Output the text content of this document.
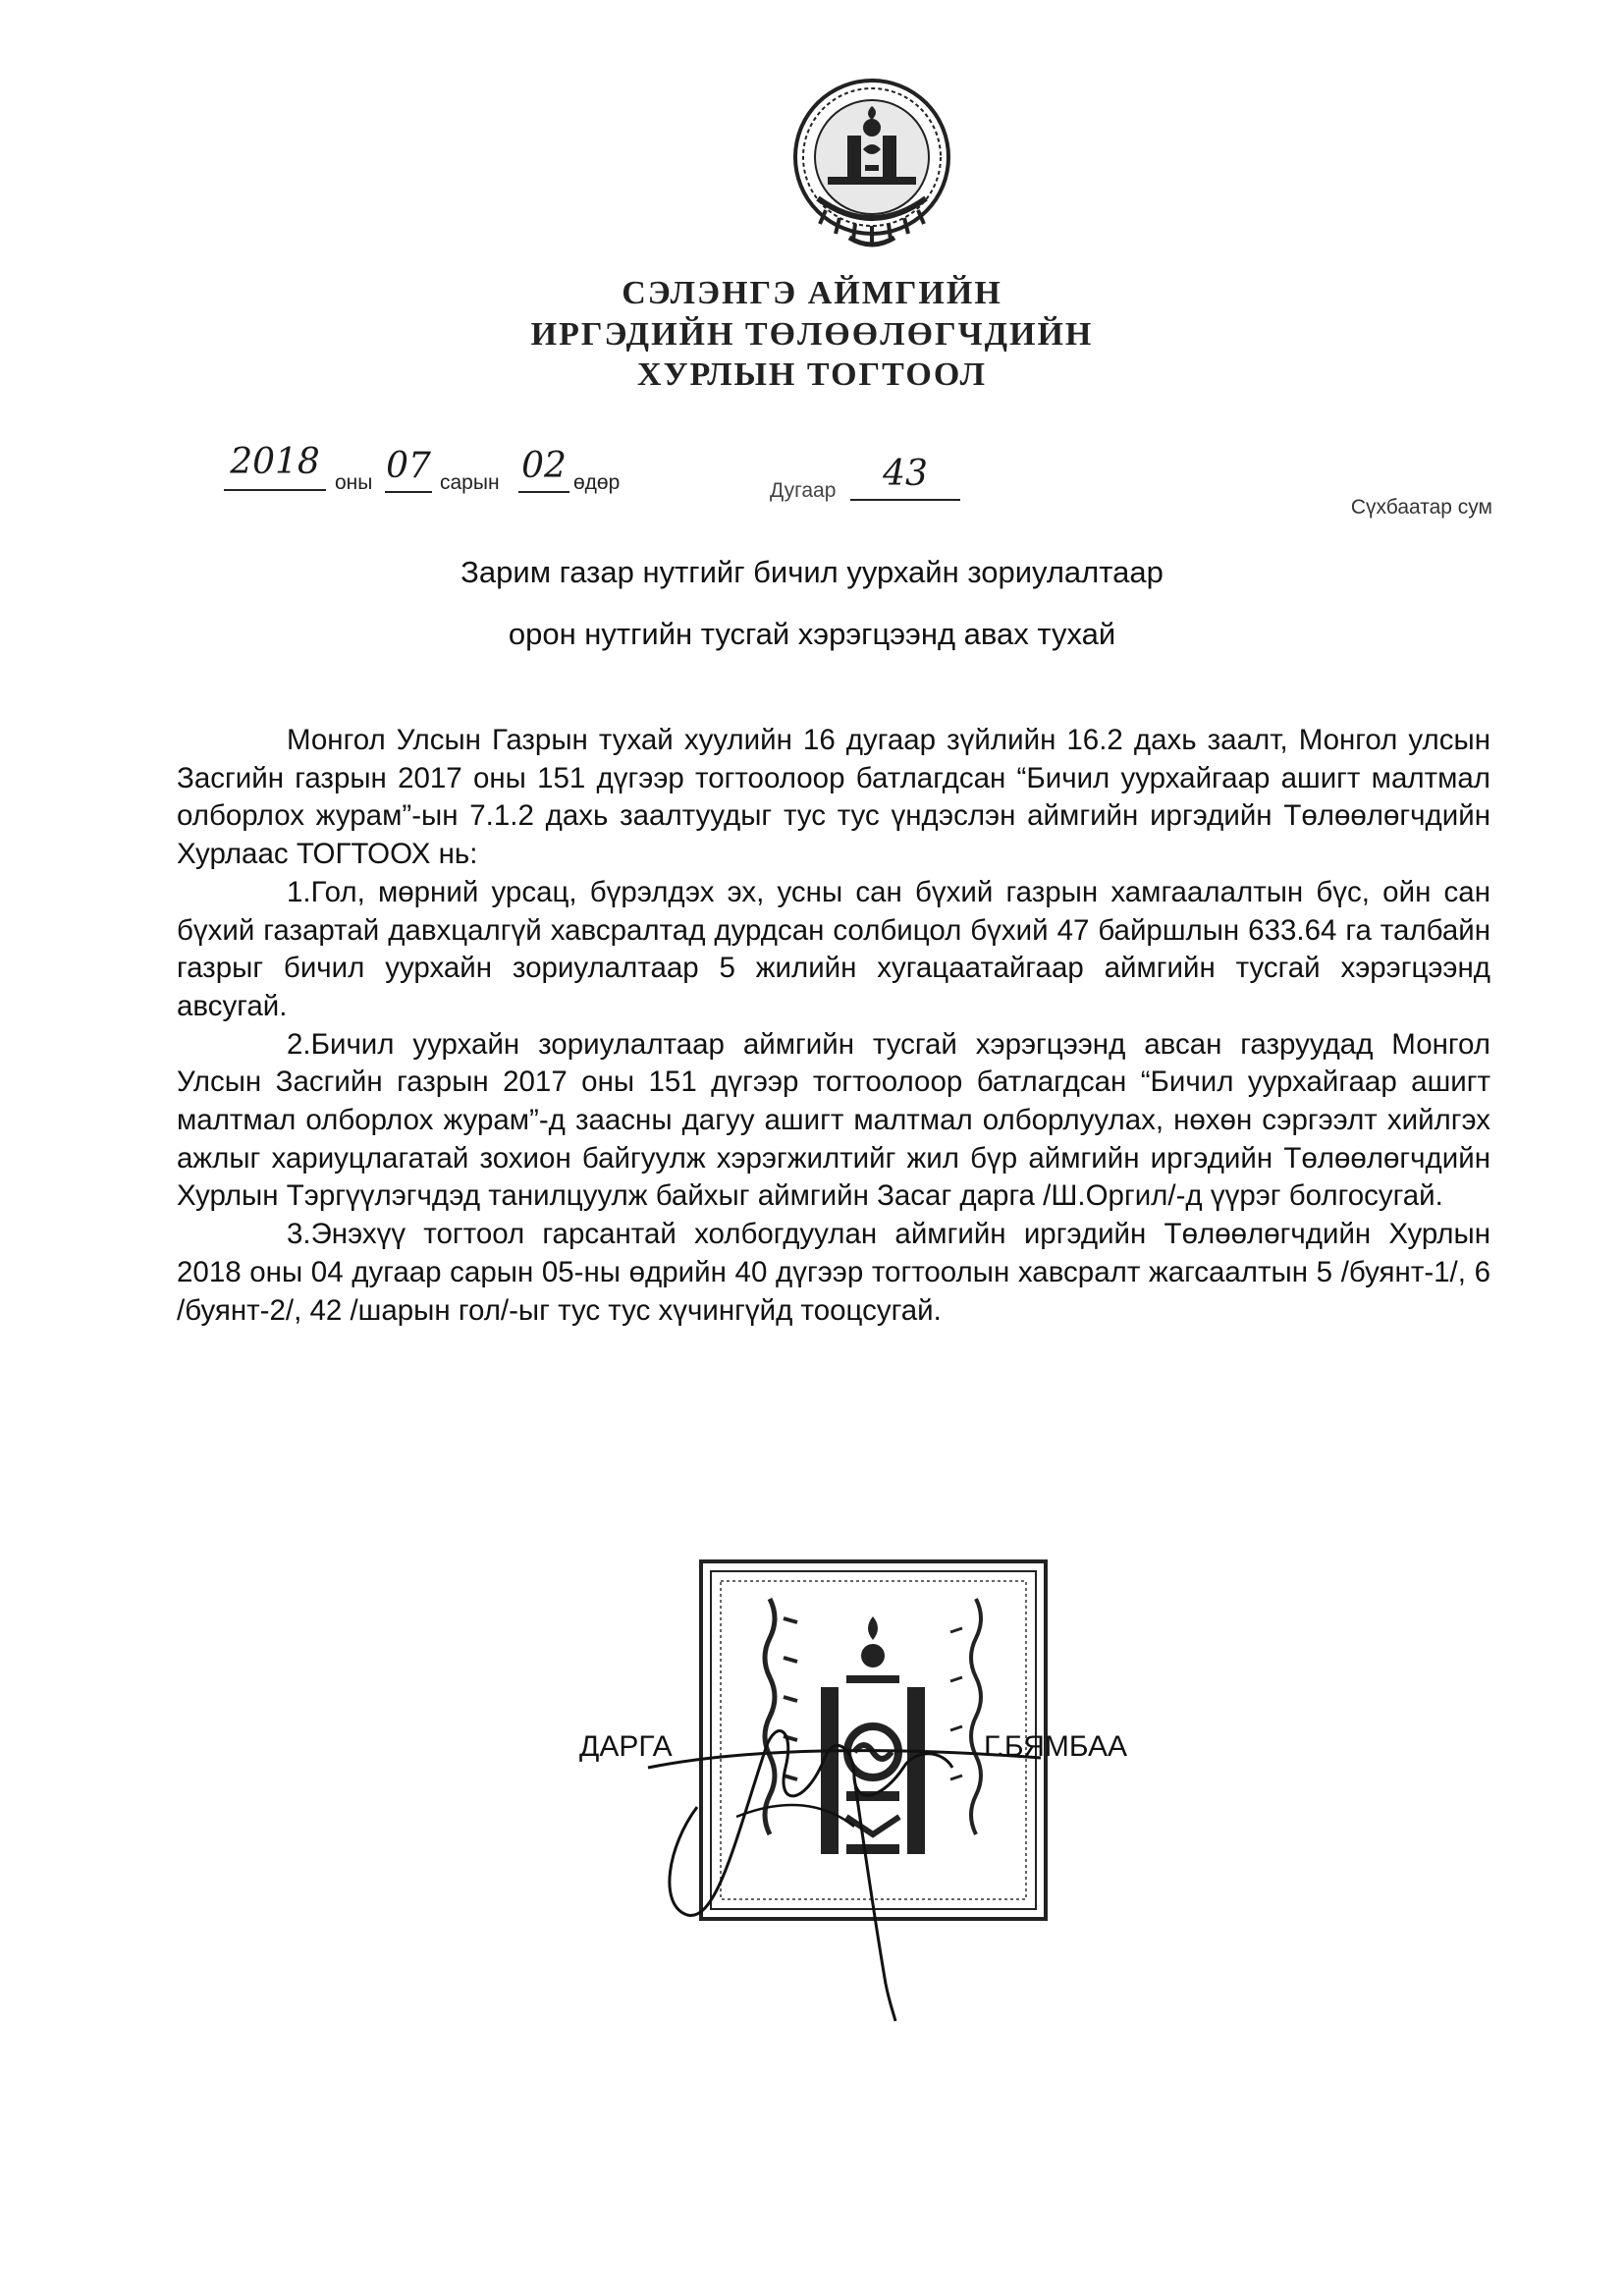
СЭЛЭНГЭ АЙМГИЙН
ИРГЭДИЙН ТӨЛӨӨЛӨГЧДИЙН
ХУРЛЫН ТОГТООЛ
2018
оны 07 сарын 02 өдөр	Дугаар	43
Сүхбаатар сум
Зарим газар нутгийг бичил уурхайн зориулалтаар
орон нутгийн тусгай хэрэгцээнд авах тухай

Монгол Улсын Газрын тухай хуулийн 16 дугаар зүйлийн 16.2 дахь заалт, Монгол улсын Засгийн газрын 2017 оны 151 дүгээр тогтоолоор батлагдсан “Бичил уурхайгаар ашигт малтмал олборлох журам”-ын 7.1.2 дахь заалтуудыг тус тус үндэслэн аймгийн иргэдийн Төлөөлөгчдийн Хурлаас ТОГТООХ нь:

1.Гол, мөрний урсац, бүрэлдэх эх, усны сан бүхий газрын хамгаалалтын бүс, ойн сан бүхий газартай давхцалгүй хавсралтад дурдсан солбицол бүхий 47 байршлын 633.64 га талбайн газрыг бичил уурхайн зориулалтаар 5 жилийн хугацаатайгаар аймгийн тусгай хэрэгцээнд авсугай.

2.Бичил уурхайн зориулалтаар аймгийн тусгай хэрэгцээнд авсан газруудад Монгол Улсын Засгийн газрын 2017 оны 151 дүгээр тогтоолоор батлагдсан “Бичил уурхайгаар ашигт малтмал олборлох журам”-д заасны дагуу ашигт малтмал олборлуулах, нөхөн сэргээлт хийлгэх ажлыг хариуцлагатай зохион байгуулж хэрэгжилтийг жил бүр аймгийн иргэдийн Төлөөлөгчдийн Хурлын Тэргүүлэгчдэд танилцуулж байхыг аймгийн Засаг дарга /Ш.Оргил/-д үүрэг болгосугай.

3.Энэхүү тогтоол гарсантай холбогдуулан аймгийн иргэдийн Төлөөлөгчдийн Хурлын 2018 оны 04 дугаар сарын 05-ны өдрийн 40 дүгээр тогтоолын хавсралт жагсаалтын 5 /буянт-1/, 6 /буянт-2/, 42 /шарын гол/-ыг тус тус хүчингүйд тооцсугай.

ДАРГА	Г.БЯМБАА
